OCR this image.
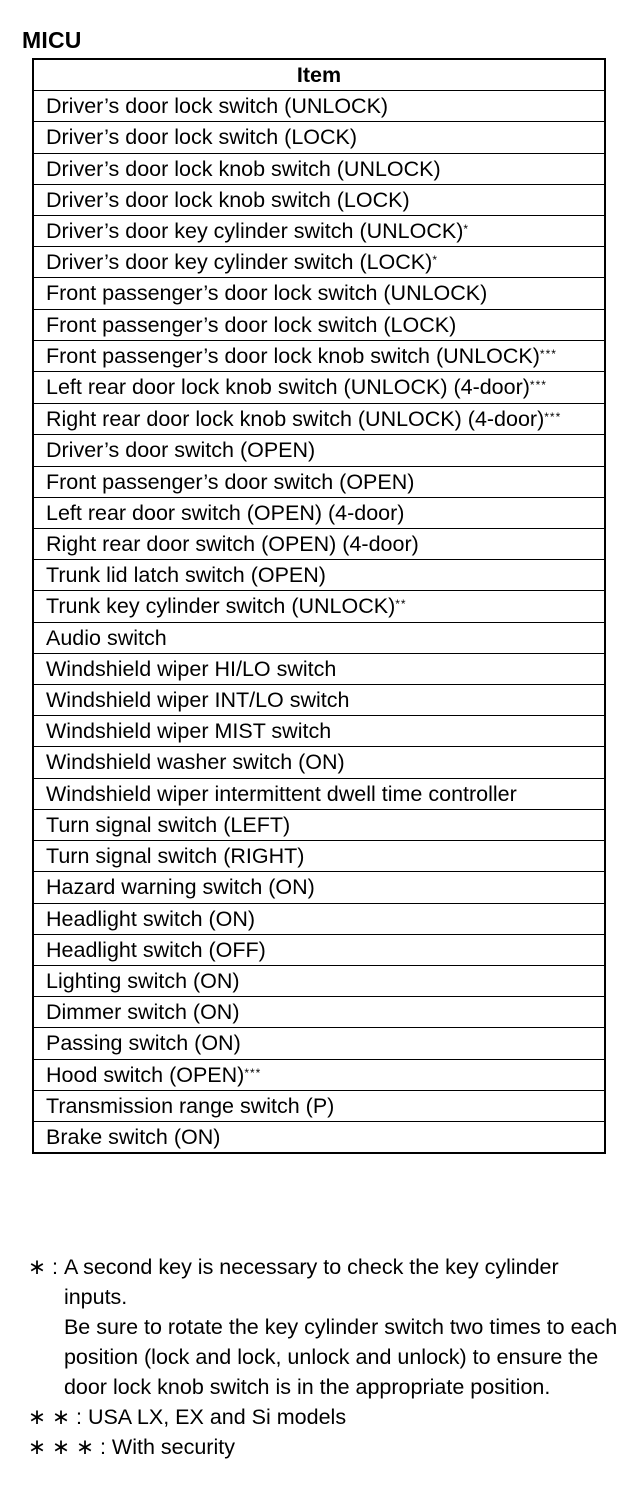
MICU
Item
Driver’s door lock switch (UNLOCK)
Driver’s door lock switch (LOCK)
Driver’s door lock knob switch (UNLOCK)
Driver’s door lock knob switch (LOCK)
Driver’s door key cylinder switch (UNLOCK)*
Driver’s door key cylinder switch (LOCK)*
Front passenger’s door lock switch (UNLOCK)
Front passenger’s door lock switch (LOCK)
Front passenger’s door lock knob switch (UNLOCK)***
Left rear door lock knob switch (UNLOCK) (4-door)***
Right rear door lock knob switch (UNLOCK) (4-door)***
Driver’s door switch (OPEN)
Front passenger’s door switch (OPEN)
Left rear door switch (OPEN) (4-door)
Right rear door switch (OPEN) (4-door)
Trunk lid latch switch (OPEN)
Trunk key cylinder switch (UNLOCK)**
Audio switch
Windshield wiper HI/LO switch
Windshield wiper INT/LO switch
Windshield wiper MIST switch
Windshield washer switch (ON)
Windshield wiper intermittent dwell time controller
Turn signal switch (LEFT)
Turn signal switch (RIGHT)
Hazard warning switch (ON)
Headlight switch (ON)
Headlight switch (OFF)
Lighting switch (ON)
Dimmer switch (ON)
Passing switch (ON)
Hood switch (OPEN)***
Transmission range switch (P)
Brake switch (ON)
∗ : A second key is necessary to check the key cylinder inputs.

Be sure to rotate the key cylinder switch two times to each position (lock and lock, unlock and unlock) to ensure the door lock knob switch is in the appropriate position.

∗ ∗ : USA LX, EX and Si models

∗ ∗ ∗ : With security
